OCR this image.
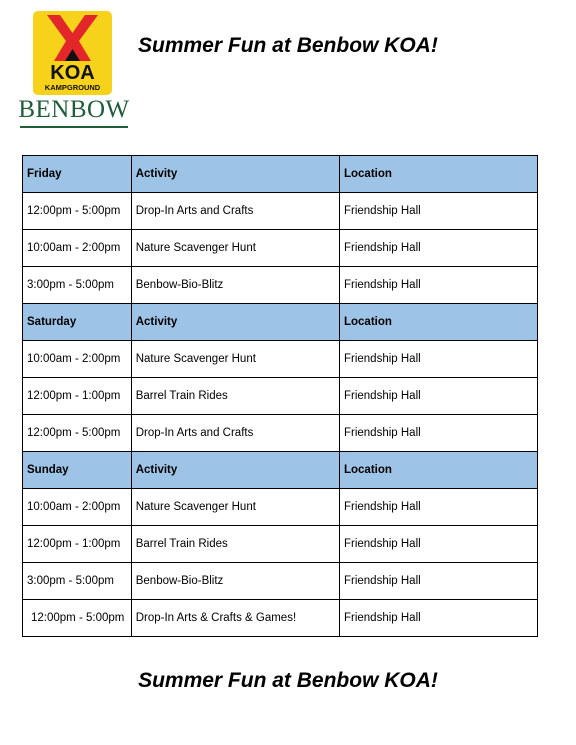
KOA
KAMPGROUND
BENBOW
Summer Fun at Benbow KOA!
Friday	Activity	Location
12:00pm - 5:00pm	Drop-In Arts and Crafts	Friendship Hall
10:00am - 2:00pm	Nature Scavenger Hunt	Friendship Hall
3:00pm - 5:00pm	Benbow-Bio-Blitz	Friendship Hall
Saturday	Activity	Location
10:00am - 2:00pm	Nature Scavenger Hunt	Friendship Hall
12:00pm - 1:00pm	Barrel Train Rides	Friendship Hall
12:00pm - 5:00pm	Drop-In Arts and Crafts	Friendship Hall
Sunday	Activity	Location
10:00am - 2:00pm	Nature Scavenger Hunt	Friendship Hall
12:00pm - 1:00pm	Barrel Train Rides	Friendship Hall
3:00pm - 5:00pm	Benbow-Bio-Blitz	Friendship Hall
12:00pm - 5:00pm	Drop-In Arts & Crafts & Games!	Friendship Hall
Summer Fun at Benbow KOA!
